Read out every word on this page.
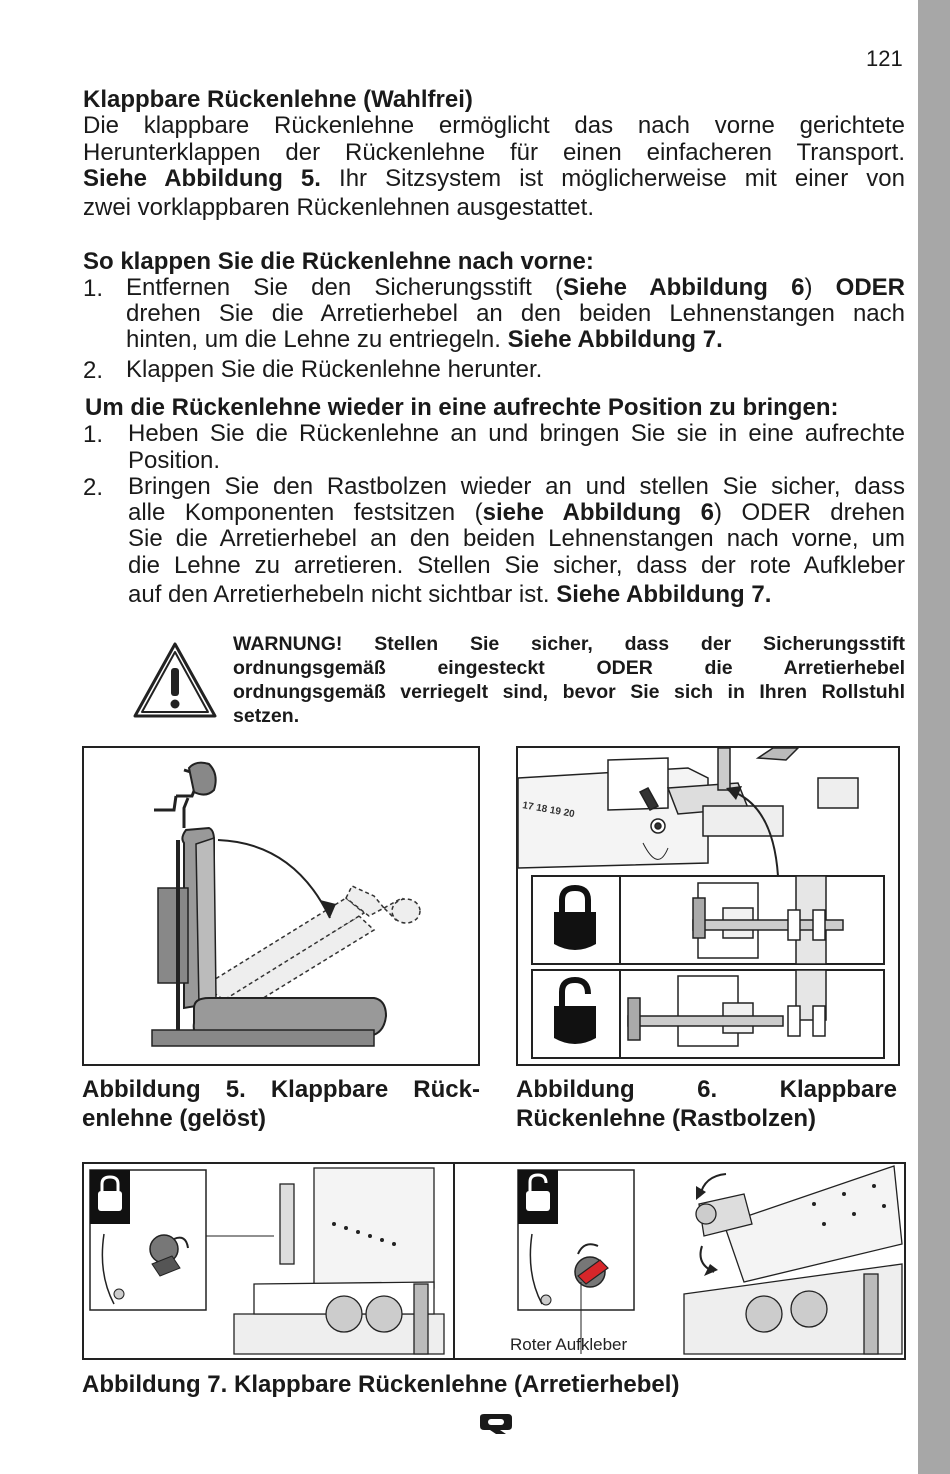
121
Klappbare Rückenlehne (Wahlfrei)
Die klappbare Rückenlehne ermöglicht das nach vorne gerichtete
Herunterklappen der Rückenlehne für einen einfacheren Transport.
Siehe Abbildung 5. Ihr Sitzsystem ist möglicherweise mit einer von
zwei vorklappbaren Rückenlehnen ausgestattet.
So klappen Sie die Rückenlehne nach vorne:
1. Entfernen Sie den Sicherungsstift (Siehe Abbildung 6) ODER
drehen Sie die Arretierhebel an den beiden Lehnenstangen nach
hinten, um die Lehne zu entriegeln. Siehe Abbildung 7.
2. Klappen Sie die Rückenlehne herunter.
Um die Rückenlehne wieder in eine aufrechte Position zu bringen:
1. Heben Sie die Rückenlehne an und bringen Sie sie in eine aufrechte
Position.
2. Bringen Sie den Rastbolzen wieder an und stellen Sie sicher, dass
alle Komponenten festsitzen (siehe Abbildung 6) ODER drehen
Sie die Arretierhebel an den beiden Lehnenstangen nach vorne, um
die Lehne zu arretieren. Stellen Sie sicher, dass der rote Aufkleber
auf den Arretierhebeln nicht sichtbar ist. Siehe Abbildung 7.
WARNUNG! Stellen Sie sicher, dass der Sicherungsstift
ordnungsgemäß eingesteckt ODER die Arretierhebel
ordnungsgemäß verriegelt sind, bevor Sie sich in Ihren Rollstuhl
setzen.
Abbildung 5. Klappbare Rück-
enlehne (gelöst)
17 18 19 20
Abbildung 6. Klappbare
Rückenlehne (Rastbolzen)
Roter Aufkleber
Abbildung 7. Klappbare Rückenlehne (Arretierhebel)
